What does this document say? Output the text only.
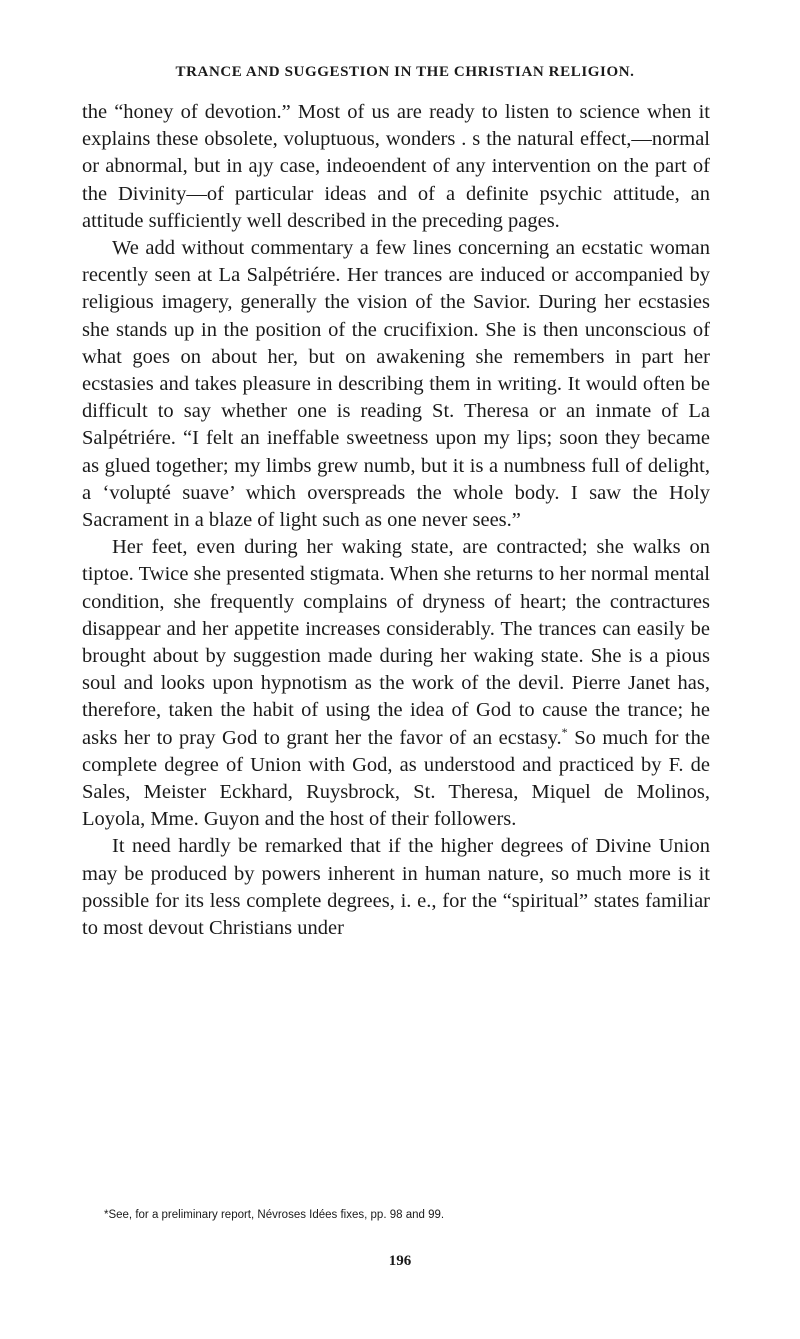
TRANCE AND SUGGESTION IN THE CHRISTIAN RELIGION.

the “honey of devotion.” Most of us are ready to listen to science when it explains these obsolete, voluptuous, wonders . s the natural effect,—normal or abnormal, but in aȷy case, indeoendent of any intervention on the part of the Divinity—of particular ideas and of a definite psychic attitude, an attitude sufficiently well described in the preceding pages.

We add without commentary a few lines concerning an ecstatic woman recently seen at La Salpétriére. Her trances are induced or accompanied by religious imagery, generally the vision of the Savior. During her ecstasies she stands up in the position of the crucifixion. She is then unconscious of what goes on about her, but on awakening she remembers in part her ecstasies and takes pleasure in describing them in writing. It would often be difficult to say whether one is reading St. Theresa or an inmate of La Salpétriére. “I felt an ineffable sweetness upon my lips; soon they became as glued together; my limbs grew numb, but it is a numbness full of delight, a ‘volupté suave’ which overspreads the whole body. I saw the Holy Sacrament in a blaze of light such as one never sees.”

Her feet, even during her waking state, are contracted; she walks on tiptoe. Twice she presented stigmata. When she returns to her normal mental condition, she frequently complains of dryness of heart; the contractures disappear and her appetite increases considerably. The trances can easily be brought about by suggestion made during her waking state. She is a pious soul and looks upon hypnotism as the work of the devil. Pierre Janet has, therefore, taken the habit of using the idea of God to cause the trance; he asks her to pray God to grant her the favor of an ecstasy.* So much for the complete degree of Union with God, as understood and practiced by F. de Sales, Meister Eckhard, Ruysbrock, St. Theresa, Miquel de Molinos, Loyola, Mme. Guyon and the host of their followers.

It need hardly be remarked that if the higher degrees of Divine Union may be produced by powers inherent in human nature, so much more is it possible for its less complete degrees, i. e., for the “spiritual” states familiar to most devout Christians under

*See, for a preliminary report, Névroses Idées fixes, pp. 98 and 99.
196
